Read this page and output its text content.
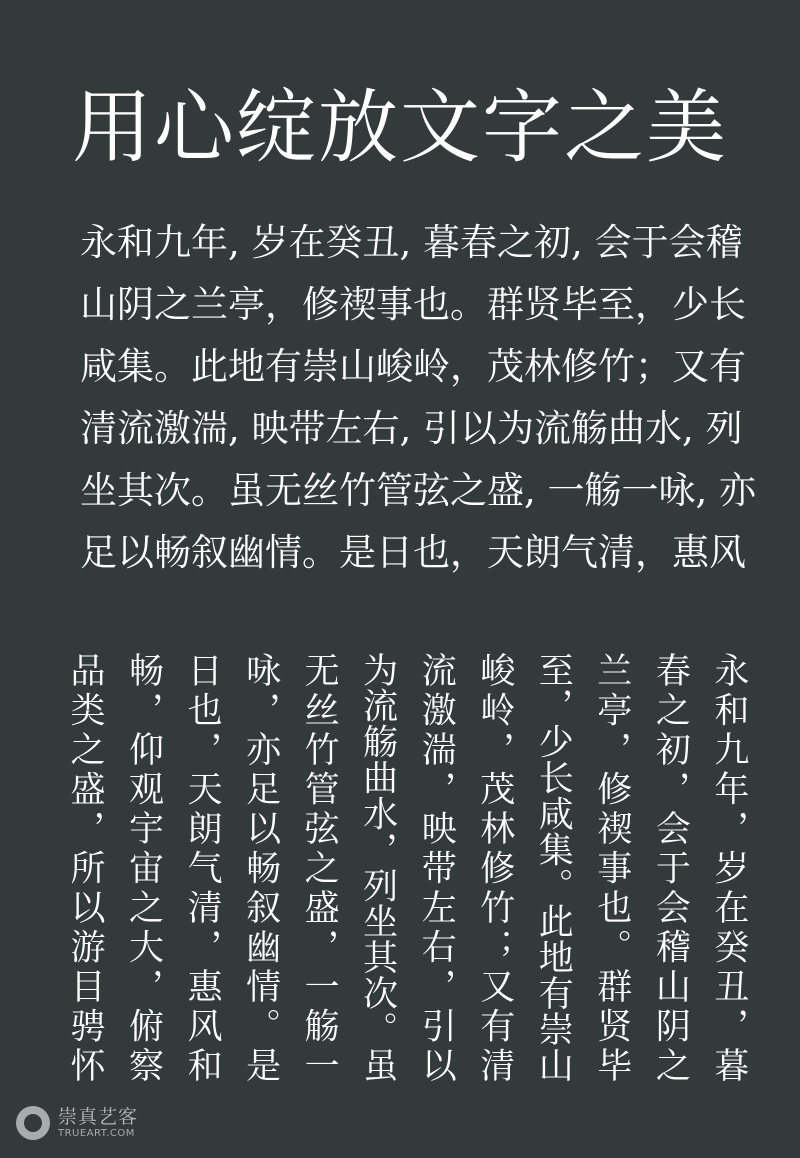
用心绽放文字之美
永和九年, 岁在癸丑, 暮春之初, 会于会稽
山阴之兰亭，修禊事也。群贤毕至，少长
咸集。此地有崇山峻岭，茂林修竹；又有
清流激湍, 映带左右, 引以为流觞曲水, 列
坐其次。虽无丝竹管弦之盛, 一觞一咏, 亦
足以畅叙幽情。是日也，天朗气清，惠风
永和九年，岁在癸丑，暮
春之初，会于会稽山阴之
兰亭，修禊事也。群贤毕
至，少长咸集。此地有崇山
峻岭，茂林修竹；又有清
流激湍，映带左右，引以
为流觞曲水，列坐其次。虽
无丝竹管弦之盛，一觞一
咏，亦足以畅叙幽情。是
日也，天朗气清，惠风和
畅，仰观宇宙之大，俯察
品类之盛，所以游目骋怀
崇真艺客
TRUEART.COM
